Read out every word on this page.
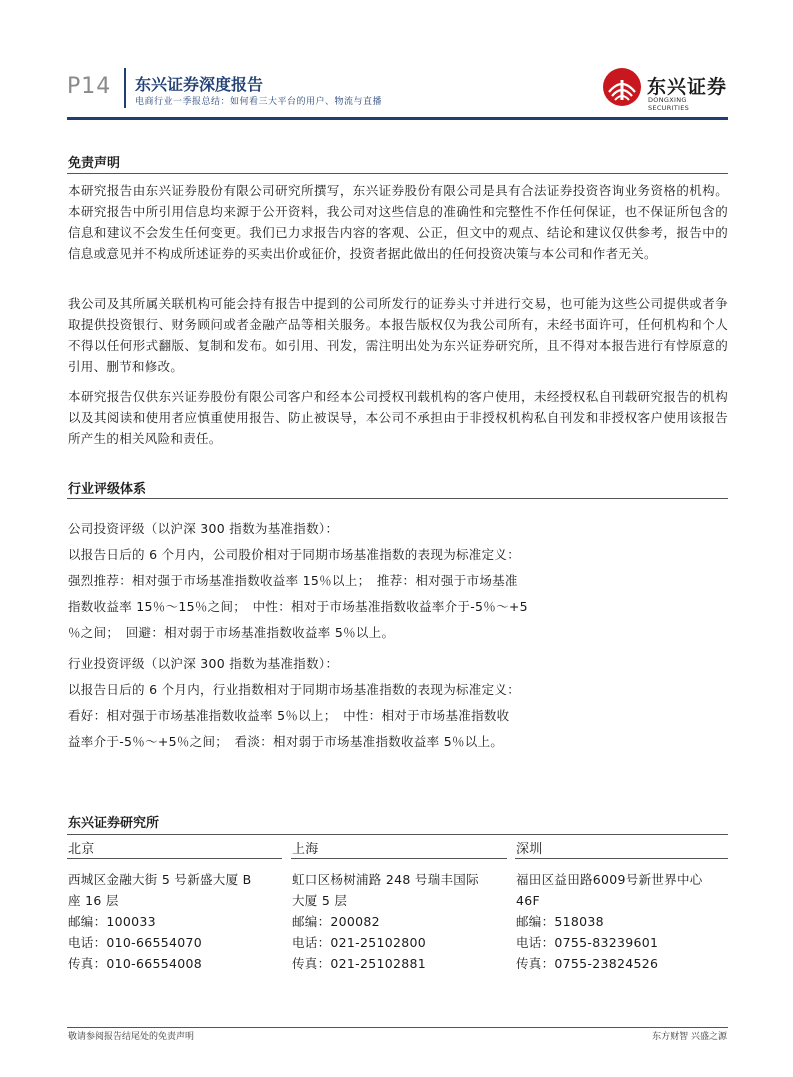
P14 东兴证券深度报告
电商行业一季报总结：如何看三大平台的用户、物流与直播
东兴证券
DONGXING SECURITIES
免责声明
本研究报告由东兴证券股份有限公司研究所撰写，东兴证券股份有限公司是具有合法证券投资咨询业务资格的机构。本研究报告中所引用信息均来源于公开资料，我公司对这些信息的准确性和完整性不作任何保证，也不保证所包含的信息和建议不会发生任何变更。我们已力求报告内容的客观、公正，但文中的观点、结论和建议仅供参考，报告中的信息或意见并不构成所述证券的买卖出价或征价，投资者据此做出的任何投资决策与本公司和作者无关。
我公司及其所属关联机构可能会持有报告中提到的公司所发行的证券头寸并进行交易，也可能为这些公司提供或者争取提供投资银行、财务顾问或者金融产品等相关服务。本报告版权仅为我公司所有，未经书面许可，任何机构和个人不得以任何形式翻版、复制和发布。如引用、刊发，需注明出处为东兴证券研究所，且不得对本报告进行有悖原意的引用、删节和修改。
本研究报告仅供东兴证券股份有限公司客户和经本公司授权刊载机构的客户使用，未经授权私自刊载研究报告的机构以及其阅读和使用者应慎重使用报告、防止被误导，本公司不承担由于非授权机构私自刊发和非授权客户使用该报告所产生的相关风险和责任。
行业评级体系
公司投资评级（以沪深 300 指数为基准指数）：
以报告日后的 6 个月内，公司股价相对于同期市场基准指数的表现为标准定义：
强烈推荐：相对强于市场基准指数收益率 15％以上；　推荐：相对强于市场基准
指数收益率 15％～15％之间；　中性：相对于市场基准指数收益率介于-5％～+5
％之间；　回避：相对弱于市场基准指数收益率 5％以上。
行业投资评级（以沪深 300 指数为基准指数）：
以报告日后的 6 个月内，行业指数相对于同期市场基准指数的表现为标准定义：
看好：相对强于市场基准指数收益率 5％以上；　中性：相对于市场基准指数收
益率介于-5％～+5％之间；　看淡：相对弱于市场基准指数收益率 5％以上。
东兴证券研究所
北京
西城区金融大街 5 号新盛大厦 B
座 16 层
邮编：100033
电话：010-66554070
传真：010-66554008
上海
虹口区杨树浦路 248 号瑞丰国际
大厦 5 层
邮编：200082
电话：021-25102800
传真：021-25102881
深圳
福田区益田路6009号新世界中心
46F
邮编：518038
电话：0755-83239601
传真：0755-23824526
敬请参阅报告结尾处的免责声明	东方财智 兴盛之源
